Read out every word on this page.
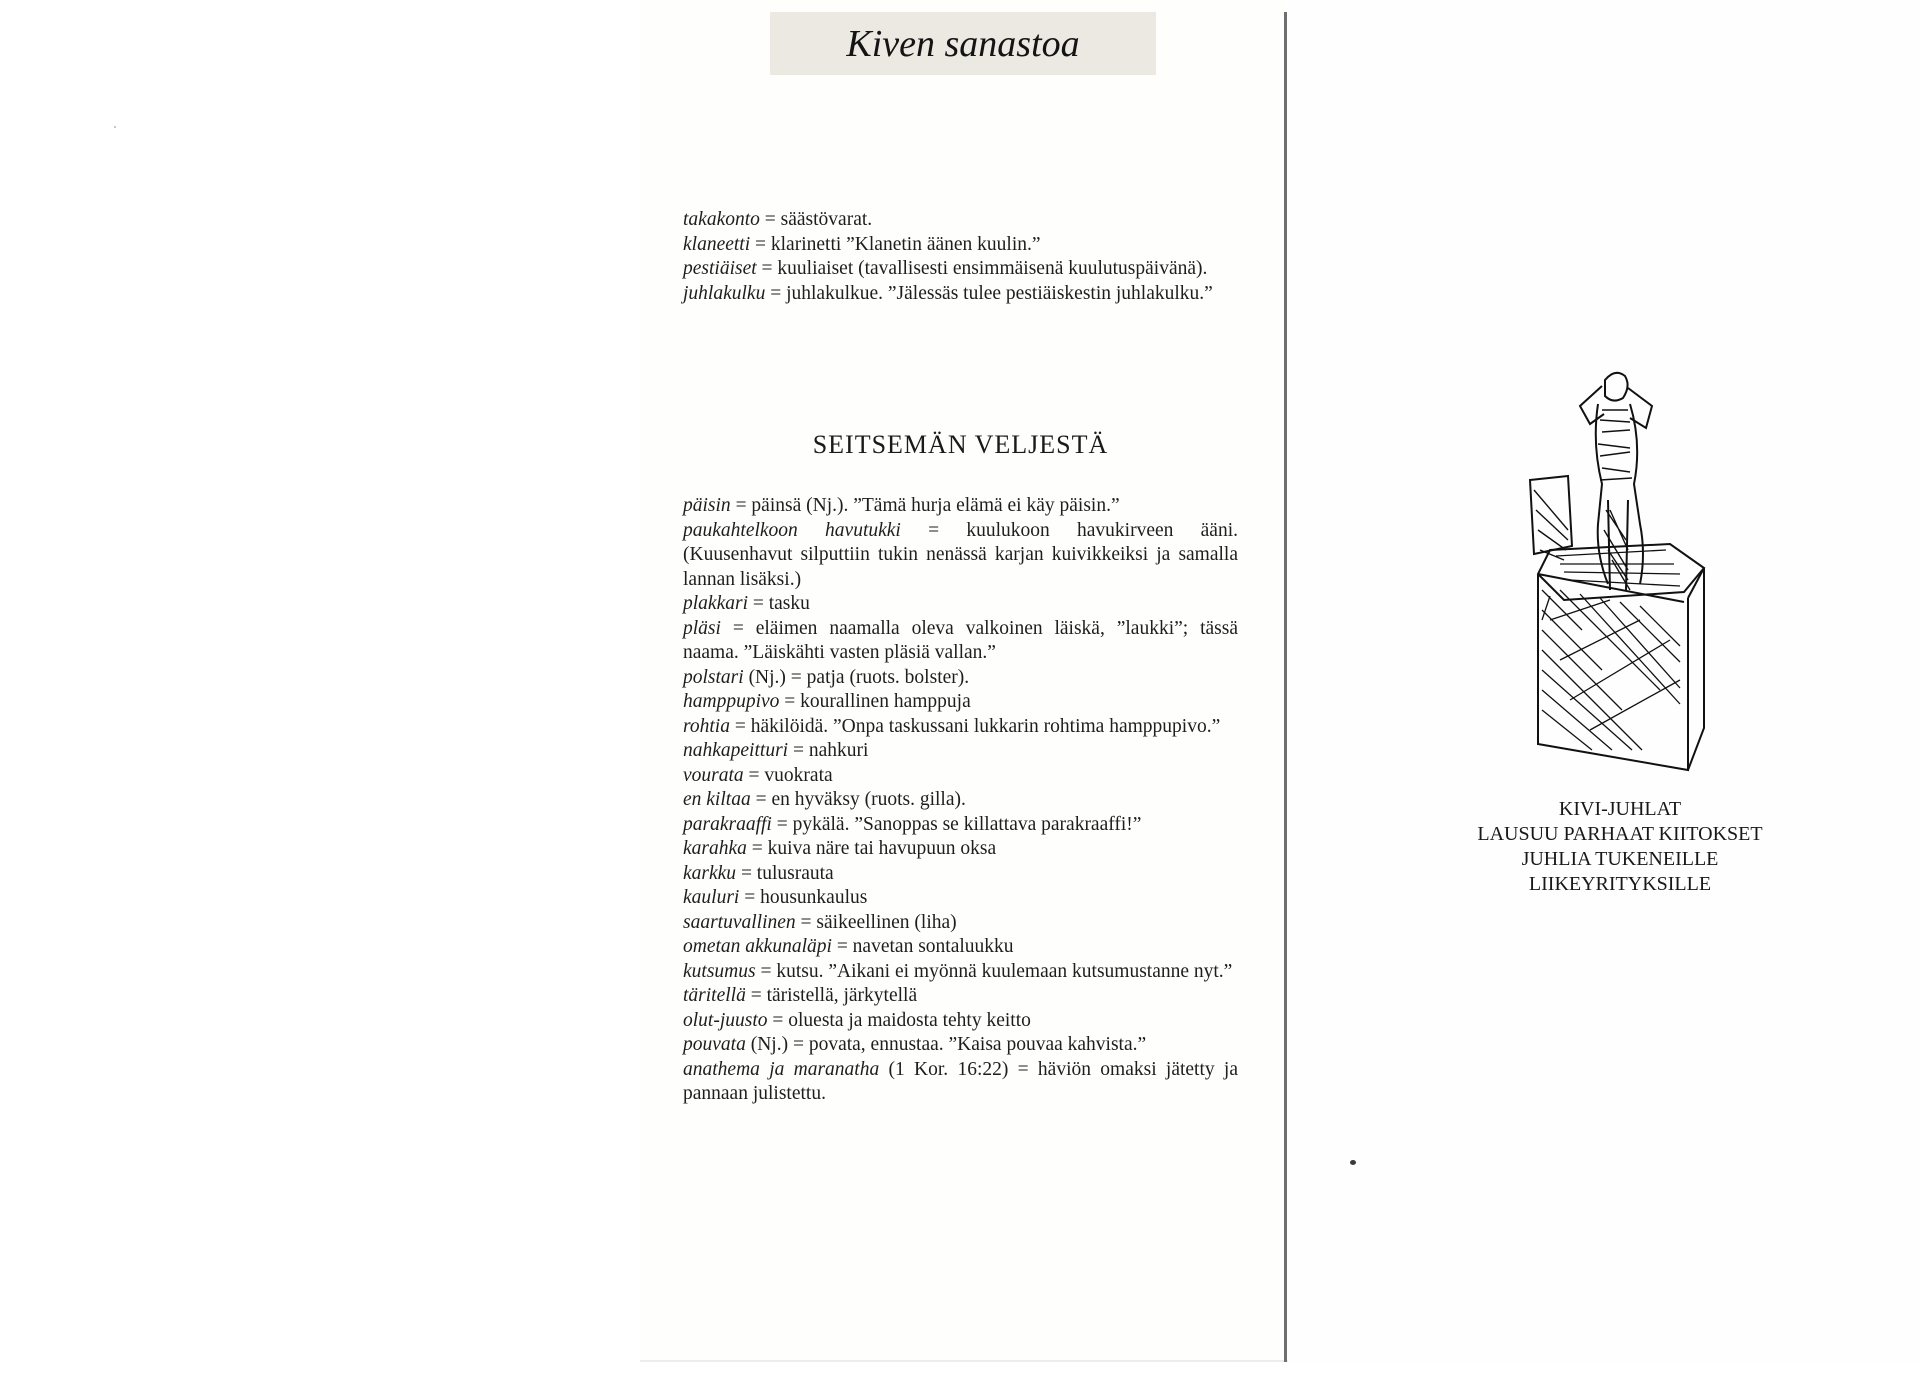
Kiven sanastoa
takakonto = säästövarat.
klaneetti = klarinetti ”Klanetin äänen kuulin.”
pestiäiset = kuuliaiset (tavallisesti ensimmäisenä kuulutuspäivänä).
juhlakulku = juhlakulkue. ”Jälessäs tulee pestiäiskestin juhlakulku.”
SEITSEMÄN VELJESTÄ
päisin = päinsä (Nj.). ”Tämä hurja elämä ei käy päisin.”
paukahtelkoon havutukki = kuulukoon havukirveen ääni. (Kuusenhavut silputtiin tukin nenässä karjan kuivikkeiksi ja samalla lannan lisäksi.)
plakkari = tasku
pläsi = eläimen naamalla oleva valkoinen läiskä, ”laukki”; tässä naama. ”Läiskähti vasten pläsiä vallan.”
polstari (Nj.) = patja (ruots. bolster).
hamppupivo = kourallinen hamppuja
rohtia = häkilöidä. ”Onpa taskussani lukkarin rohtima hamppupivo.”
nahkapeitturi = nahkuri
vourata = vuokrata
en kiltaa = en hyväksy (ruots. gilla).
parakraaffi = pykälä. ”Sanoppas se killattava parakraaffi!”
karahka = kuiva näre tai havupuun oksa
karkku = tulusrauta
kauluri = housunkaulus
saartuvallinen = säikeellinen (liha)
ometan akkunaläpi = navetan sontaluukku
kutsumus = kutsu. ”Aikani ei myönnä kuulemaan kutsumustanne nyt.”
täritellä = täristellä, järkytellä
olut-juusto = oluesta ja maidosta tehty keitto
pouvata (Nj.) = povata, ennustaa. ”Kaisa pouvaa kahvista.”
anathema ja maranatha (1 Kor. 16:22) = häviön omaksi jätetty ja pannaan julistettu.
KIVI-JUHLAT
LAUSUU PARHAAT KIITOKSET
JUHLIA TUKENEILLE
LIIKEYRITYKSILLE
